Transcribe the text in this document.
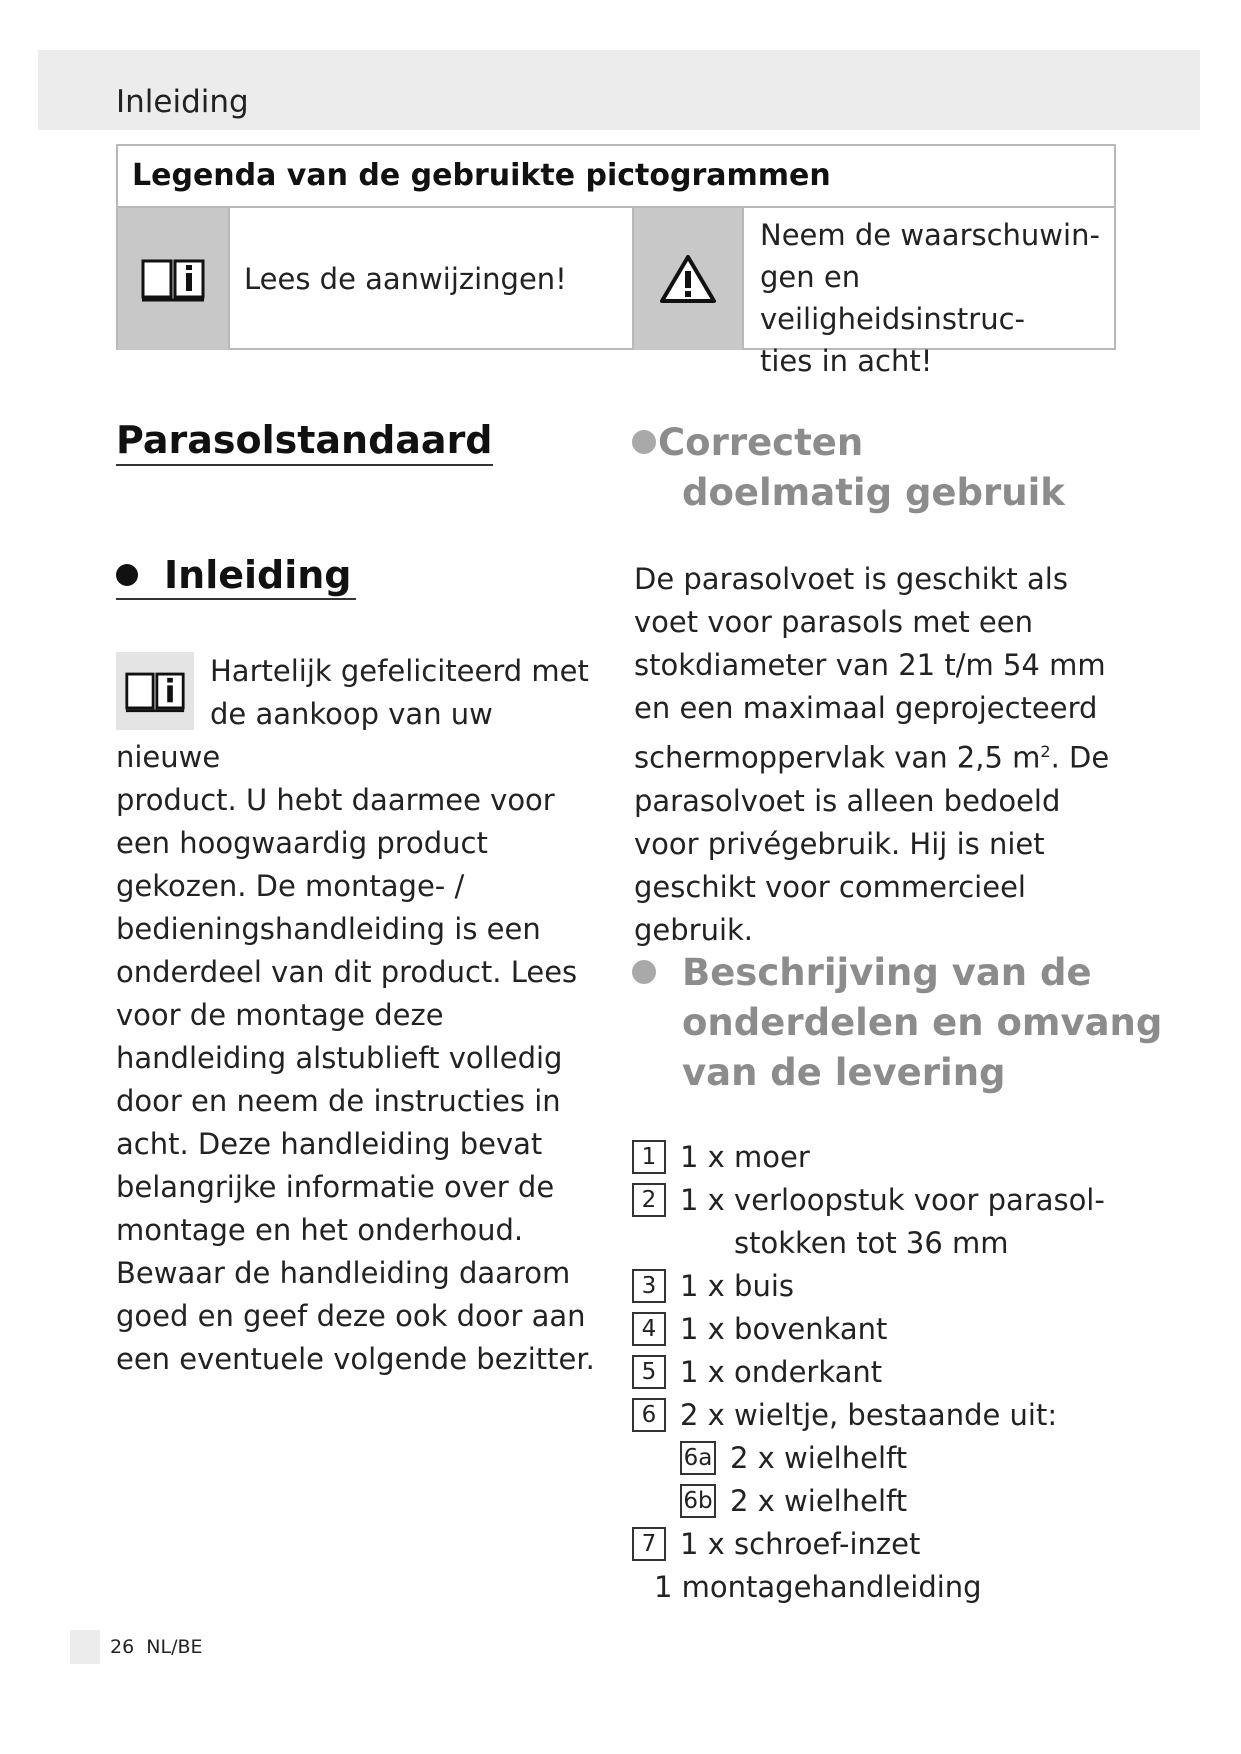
Inleiding
Legenda van de gebruikte pictogrammen
Lees de aanwijzingen!
Neem de waarschuwin-
gen en veiligheidsinstruc-
ties in acht!
Parasolstandaard
Inleiding
Hartelijk gefeliciteerd met
de aankoop van uw nieuwe
product. U hebt daarmee voor een hoogwaardig product gekozen. De montage- / bedieningshandleiding is een onderdeel van dit product. Lees voor de montage deze handleiding alstublieft volledig door en neem de instructies in acht. Deze handleiding bevat belangrijke informatie over de montage en het onderhoud. Bewaar de handleiding daarom goed en geef deze ook door aan een eventuele volgende bezitter.
Correcten
doelmatig gebruik
De parasolvoet is geschikt als voet voor parasols met een stokdiameter van 21 t/m 54 mm en een maximaal geprojecteerd schermoppervlak van 2,5 $m^2$. De parasolvoet is alleen bedoeld voor privégebruik. Hij is niet geschikt voor commercieel gebruik.
Beschrijving van de
onderdelen en omvang
van de levering
1 1 x moer
2 1 x verloopstuk voor parasol-
stokken tot 36 mm
3 1 x buis
4 1 x bovenkant
5 1 x onderkant
6 2 x wieltje, bestaande uit:
6a 2 x wielhelft
6b 2 x wielhelft
7 1 x schroef-inzet
1 montagehandleiding
26
NL/BE
